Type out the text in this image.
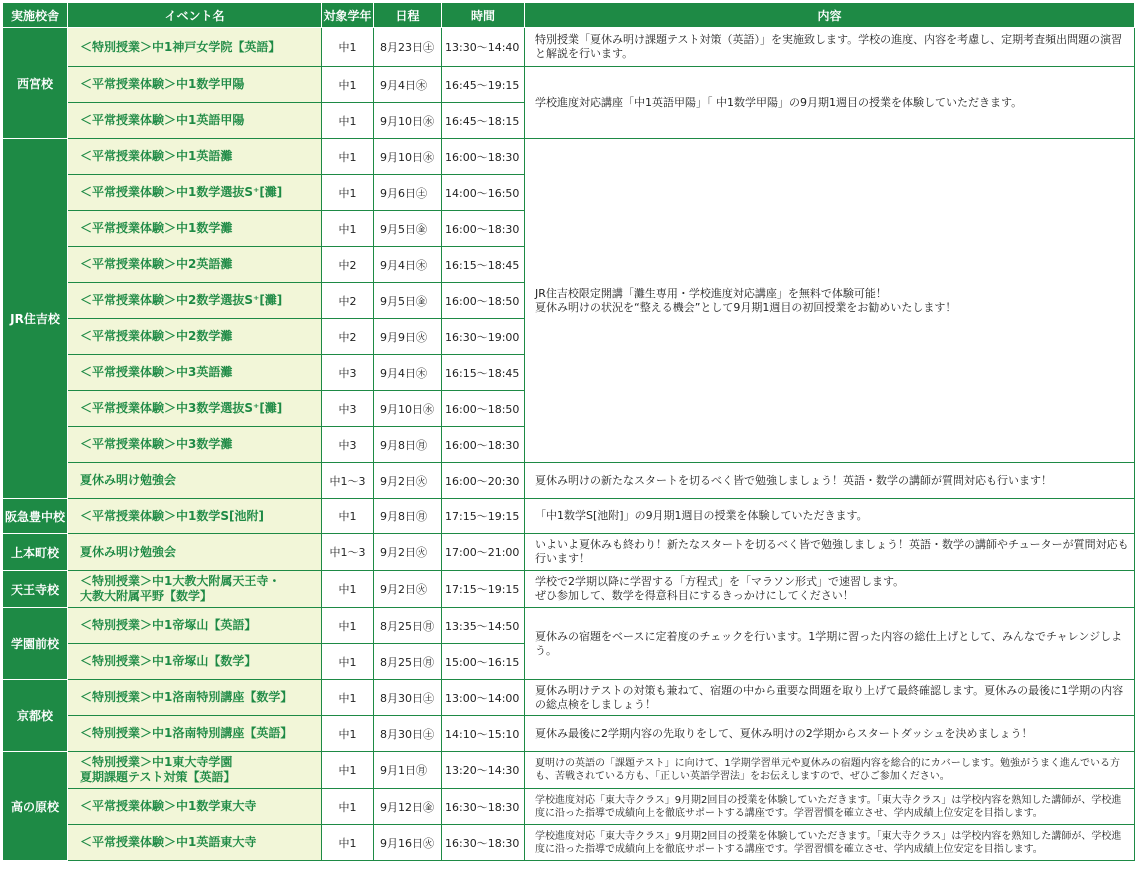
実施校舎	イベント名	対象学年	日程	時間	内容
西宮校	＜特別授業＞中1神戸女学院【英語】	中1	8月23日㊏	13:30～14:40	特別授業「夏休み明け課題テスト対策（英語）」を実施致します。学校の進度、内容を考慮し、定期考査頻出問題の演習と解説を行います。
	＜平常授業体験＞中1数学甲陽	中1	9月4日㊍	16:45～19:15	学校進度対応講座「中1英語甲陽」「 中1数学甲陽」の9月期1週目の授業を体験していただきます。
	＜平常授業体験＞中1英語甲陽	中1	9月10日㊌	16:45～18:15	
JR住吉校	＜平常授業体験＞中1英語灘	中1	9月10日㊌	16:00～18:30	JR住吉校限定開講「灘生専用・学校進度対応講座」を無料で体験可能！
夏休み明けの状況を“整える機会”として9月期1週目の初回授業をお勧めいたします！
	＜平常授業体験＞中1数学選抜S⁺[灘]	中1	9月6日㊏	14:00～16:50	
	＜平常授業体験＞中1数学灘	中1	9月5日㊎	16:00～18:30	
	＜平常授業体験＞中2英語灘	中2	9月4日㊍	16:15～18:45	
	＜平常授業体験＞中2数学選抜S⁺[灘]	中2	9月5日㊎	16:00～18:50	
	＜平常授業体験＞中2数学灘	中2	9月9日㊋	16:30～19:00	
	＜平常授業体験＞中3英語灘	中3	9月4日㊍	16:15～18:45	
	＜平常授業体験＞中3数学選抜S⁺[灘]	中3	9月10日㊌	16:00～18:50	
	＜平常授業体験＞中3数学灘	中3	9月8日㊊	16:00～18:30	
	夏休み明け勉強会	中1～3	9月2日㊋	16:00～20:30	夏休み明けの新たなスタートを切るべく皆で勉強しましょう！英語・数学の講師が質問対応も行います！
阪急豊中校	＜平常授業体験＞中1数学S[池附]	中1	9月8日㊊	17:15～19:15	「中1数学S[池附]」の9月期1週目の授業を体験していただきます。
上本町校	夏休み明け勉強会	中1～3	9月2日㊋	17:00～21:00	いよいよ夏休みも終わり！新たなスタートを切るべく皆で勉強しましょう！英語・数学の講師やチューターが質問対応も行います！
天王寺校	＜特別授業＞中1大教大附属天王寺・
大教大附属平野【数学】	中1	9月2日㊋	17:15～19:15	学校で2学期以降に学習する「方程式」を「マラソン形式」で速習します。
ぜひ参加して、数学を得意科目にするきっかけにしてください！
学園前校	＜特別授業＞中1帝塚山【英語】	中1	8月25日㊊	13:35～14:50	夏休みの宿題をベースに定着度のチェックを行います。1学期に習った内容の総仕上げとして、みんなでチャレンジしよう。
	＜特別授業＞中1帝塚山【数学】	中1	8月25日㊊	15:00～16:15	
京都校	＜特別授業＞中1洛南特別講座【数学】	中1	8月30日㊏	13:00～14:00	夏休み明けテストの対策も兼ねて、宿題の中から重要な問題を取り上げて最終確認します。夏休みの最後に1学期の内容の総点検をしましょう！
	＜特別授業＞中1洛南特別講座【英語】	中1	8月30日㊏	14:10～15:10	夏休み最後に2学期内容の先取りをして、夏休み明けの2学期からスタートダッシュを決めましょう！
高の原校	＜特別授業＞中1東大寺学園
夏期課題テスト対策【英語】	中1	9月1日㊊	13:20～14:30	夏明けの英語の「課題テスト」に向けて、1学期学習単元や夏休みの宿題内容を総合的にカバーします。勉強がうまく進んでいる方も、苦戦されている方も、「正しい英語学習法」をお伝えしますので、ぜひご参加ください。
	＜平常授業体験＞中1数学東大寺	中1	9月12日㊎	16:30～18:30	学校進度対応「東大寺クラス」9月期2回目の授業を体験していただきます。「東大寺クラス」は学校内容を熟知した講師が、学校進度に沿った指導で成績向上を徹底サポートする講座です。学習習慣を確立させ、学内成績上位安定を目指します。
	＜平常授業体験＞中1英語東大寺	中1	9月16日㊋	16:30～18:30	学校進度対応「東大寺クラス」9月期2回目の授業を体験していただきます。「東大寺クラス」は学校内容を熟知した講師が、学校進度に沿った指導で成績向上を徹底サポートする講座です。学習習慣を確立させ、学内成績上位安定を目指します。
